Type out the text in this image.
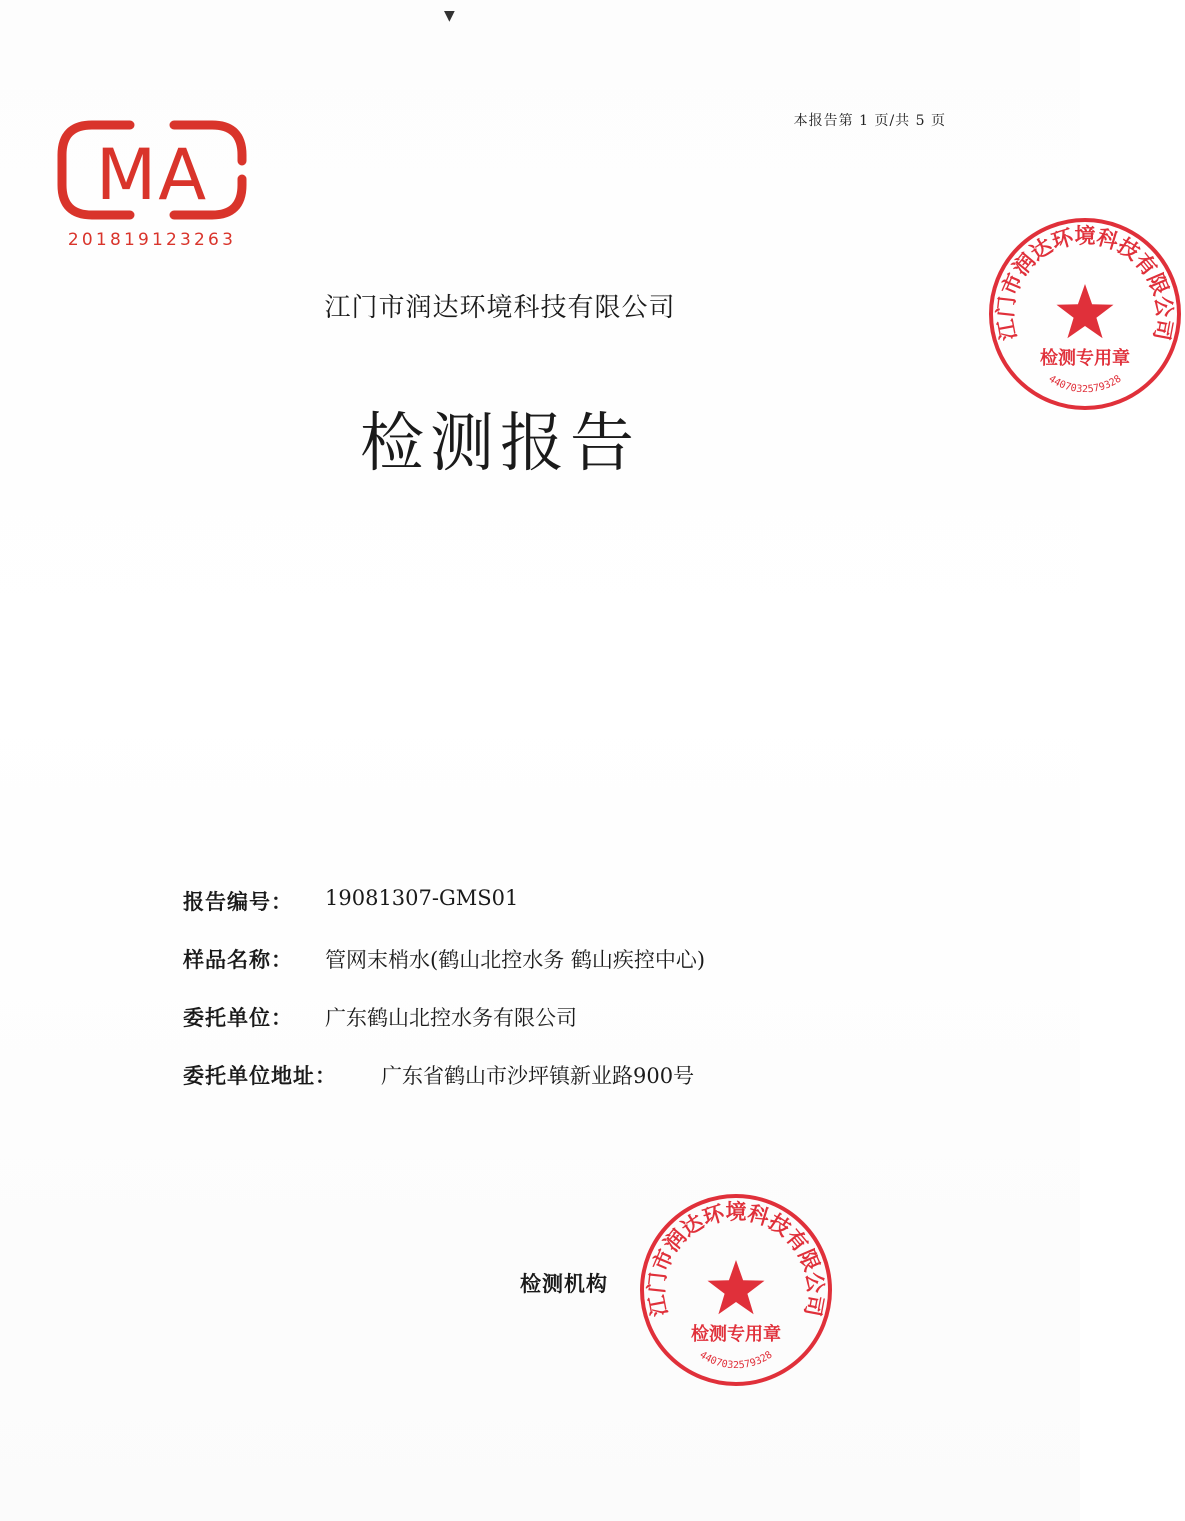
▼
本报告第 1 页/共 5 页
MA
201819123263
江门市润达环境科技有限公司
检测报告
报告编号： 19081307-GMS01
样品名称： 管网末梢水(鹤山北控水务 鹤山疾控中心)
委托单位： 广东鹤山北控水务有限公司
委托单位地址： 广东省鹤山市沙坪镇新业路900号
检测机构
江门市润达环境科技有限公司
检测专用章
4407032579328
江门市润达环境科技有限公司
检测专用章
4407032579328
